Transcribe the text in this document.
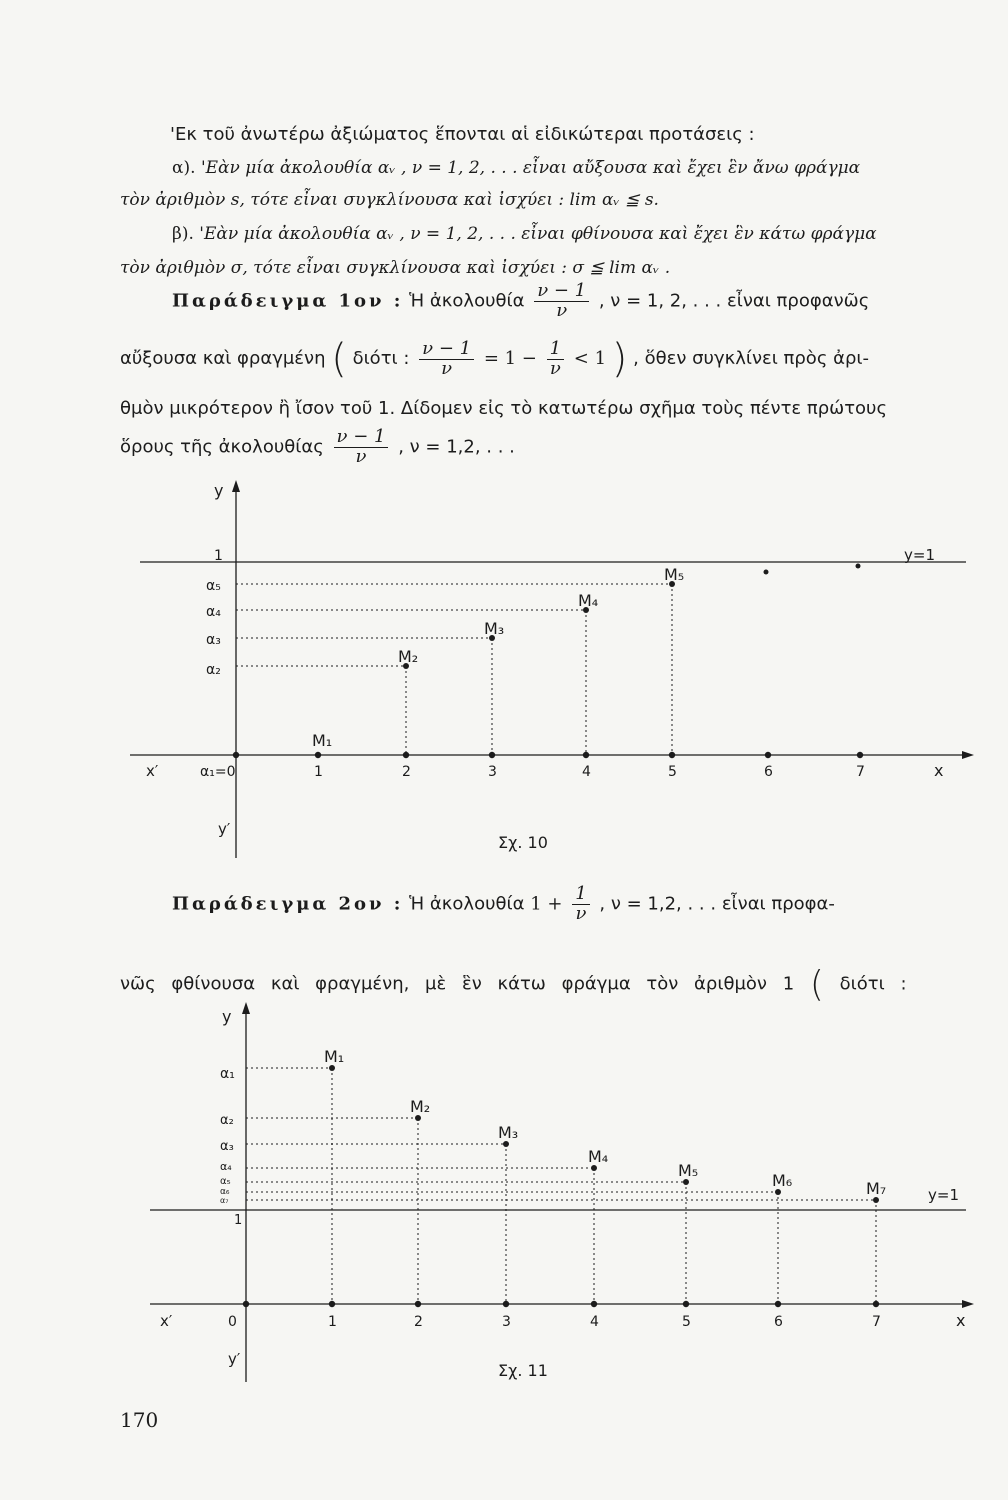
'Εκ τοῦ ἀνωτέρω ἀξιώματος ἕπονται αἱ εἰδικώτεραι προτάσεις :
α). 'Εὰν μία ἀκολουθία αᵥ , ν = 1, 2, . . . εἶναι αὔξουσα καὶ ἔχει ἓν ἄνω φράγμα
τὸν ἀριθμὸν s, τότε εἶναι συγκλίνουσα καὶ ἰσχύει : lim αᵥ ≦ s.
β). 'Εὰν μία ἀκολουθία αᵥ , ν = 1, 2, . . . εἶναι φθίνουσα καὶ ἔχει ἓν κάτω φράγμα
τὸν ἀριθμὸν σ, τότε εἶναι συγκλίνουσα καὶ ἰσχύει : σ ≦ lim αᵥ .
Παράδειγμα 1ον : Ἡ ἀκολουθία $\frac{\nu - 1}{\nu}$ , ν = 1, 2, . . . εἶναι προφανῶς
αὔξουσα καὶ φραγμένη ( διότι : $\frac{\nu - 1}{\nu} = 1 - \frac{1}{\nu} < 1$ ) , ὅθεν συγκλίνει πρὸς ἀρι-
θμὸν μικρότερον ἢ ἴσον τοῦ 1. Δίδομεν εἰς τὸ κατωτέρω σχῆμα τοὺς πέντε πρώτους
ὅρους τῆς ἀκολουθίας $\frac{\nu - 1}{\nu}$ , ν = 1,2, . . .
y
1
α₅
α₄
α₃
α₂
y=1
M₁
M₂
M₃
M₄
M₅
x′	α₁=0	1	2	3	4	5	6	7	x
y′
Σχ. 10
Παράδειγμα 2ον : Ἡ ἀκολουθία $1 + \frac{1}{\nu}$ , ν = 1,2, . . . εἶναι προφα-
νῶς φθίνουσα καὶ φραγμένη, μὲ ἓν κάτω φράγμα τὸν ἀριθμὸν 1 ( διότι :
y
α₁
α₂
α₃
α₄
α₅
α₆
α₇
1
y=1
M₁
M₂
M₃
M₄
M₅
M₆	M₇
x′	0	1	2	3	4	5	6	7	x
y′
Σχ. 11
170
